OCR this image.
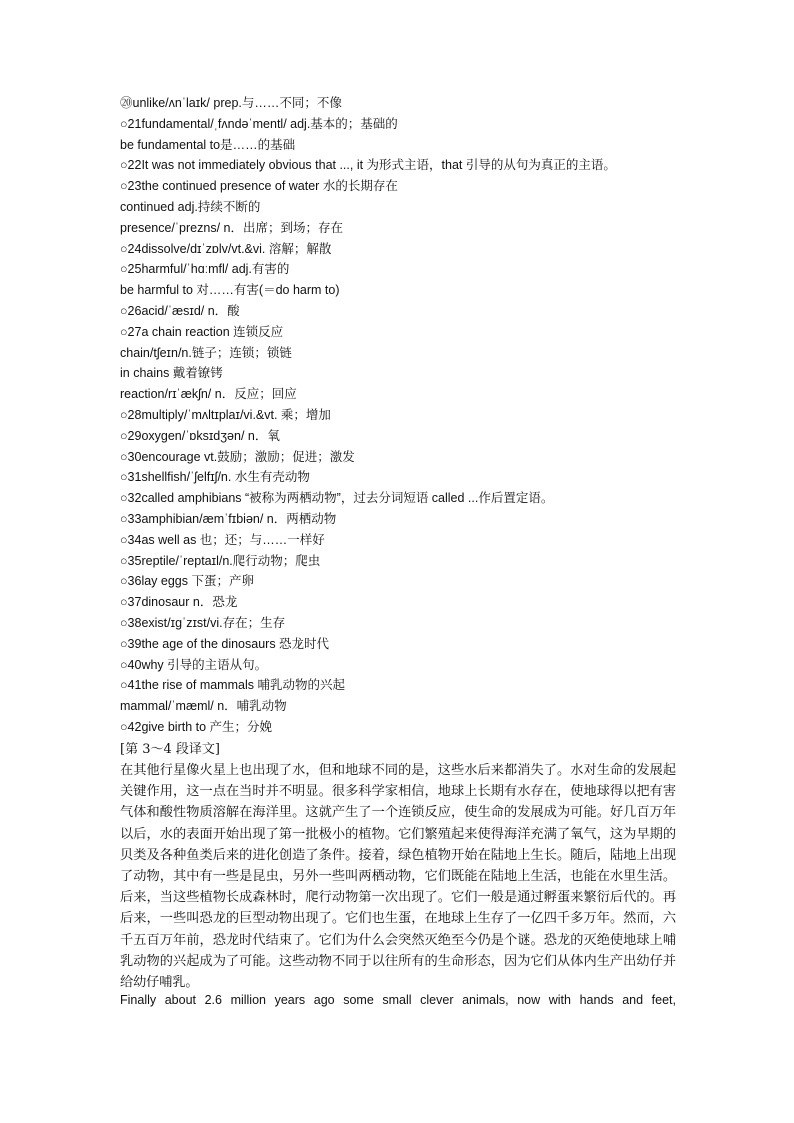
⑳unlike/ʌnˈlaɪk/ prep.与……不同；不像
○21fundamental/ˌfʌndəˈmentl/ adj.基本的；基础的
be fundamental to是……的基础
○22It was not immediately obvious that ..., it 为形式主语，that 引导的从句为真正的主语。
○23the continued presence of water 水的长期存在
continued adj.持续不断的
presence/ˈprezns/ n．出席；到场；存在
○24dissolve/dɪˈzɒlv/vt.&vi. 溶解；解散
○25harmful/ˈhɑːmfl/ adj.有害的
be harmful to 对……有害(＝do harm to)
○26acid/ˈæsɪd/ n．酸
○27a chain reaction 连锁反应
chain/tʃeɪn/n.链子；连锁；锁链
in chains 戴着镣铐
reaction/rɪˈækʃn/ n．反应；回应
○28multiply/ˈmʌltɪplaɪ/vi.&vt. 乘；增加
○29oxygen/ˈɒksɪdʒən/ n．氧
○30encourage vt.鼓励；激励；促进；激发
○31shellfish/ˈʃelfɪʃ/n. 水生有壳动物
○32called amphibians “被称为两栖动物”，过去分词短语 called ...作后置定语。
○33amphibian/æmˈfɪbiən/ n．两栖动物
○34as well as 也；还；与……一样好
○35reptile/ˈreptaɪl/n.爬行动物；爬虫
○36lay eggs 下蛋；产卵
○37dinosaur n．恐龙
○38exist/ɪgˈzɪst/vi.存在；生存
○39the age of the dinosaurs 恐龙时代
○40why 引导的主语从句。
○41the rise of mammals 哺乳动物的兴起
mammal/ˈmæml/ n．哺乳动物
○42give birth to 产生；分娩
[第 3～4 段译文]
在其他行星像火星上也出现了水，但和地球不同的是，这些水后来都消失了。水对生命的发展起关键作用，这一点在当时并不明显。很多科学家相信，地球上长期有水存在，使地球得以把有害气体和酸性物质溶解在海洋里。这就产生了一个连锁反应，使生命的发展成为可能。好几百万年以后，水的表面开始出现了第一批极小的植物。它们繁殖起来使得海洋充满了氧气，这为早期的贝类及各种鱼类后来的进化创造了条件。接着，绿色植物开始在陆地上生长。随后，陆地上出现了动物，其中有一些是昆虫，另外一些叫两栖动物，它们既能在陆地上生活，也能在水里生活。后来，当这些植物长成森林时，爬行动物第一次出现了。它们一般是通过孵蛋来繁衍后代的。再后来，一些叫恐龙的巨型动物出现了。它们也生蛋，在地球上生存了一亿四千多万年。然而，六千五百万年前，恐龙时代结束了。它们为什么会突然灭绝至今仍是个谜。恐龙的灭绝使地球上哺乳动物的兴起成为了可能。这些动物不同于以往所有的生命形态，因为它们从体内生产出幼仔并给幼仔哺乳。
Finally about 2.6 million years ago some small clever animals, now with hands and feet,
